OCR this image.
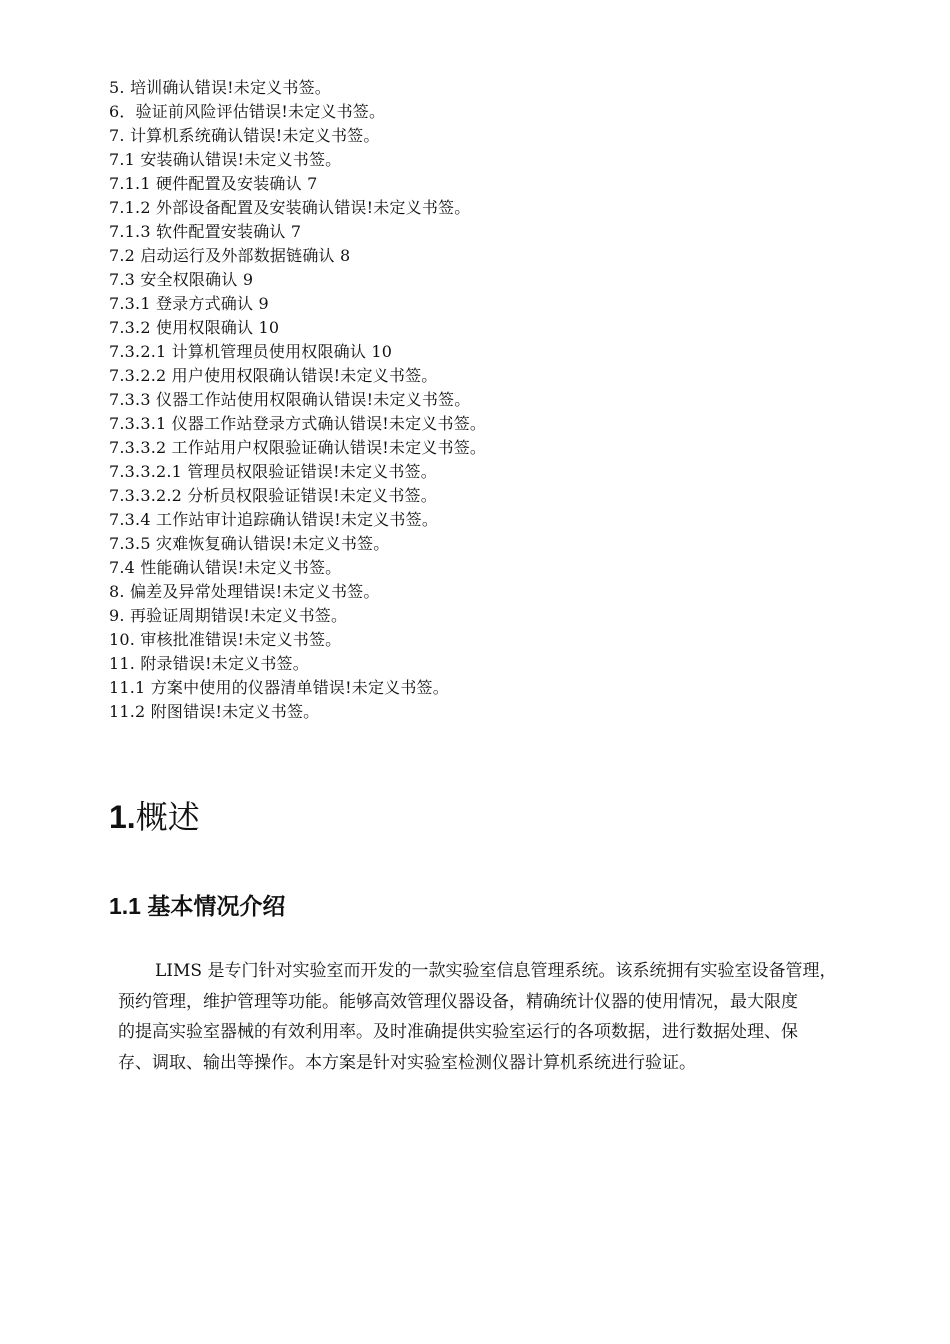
5. 培训确认错误!未定义书签。
6．验证前风险评估错误!未定义书签。
7. 计算机系统确认错误!未定义书签。
7.1 安装确认错误!未定义书签。
7.1.1 硬件配置及安装确认 7
7.1.2 外部设备配置及安装确认错误!未定义书签。
7.1.3 软件配置安装确认 7
7.2 启动运行及外部数据链确认 8
7.3 安全权限确认 9
7.3.1 登录方式确认 9
7.3.2 使用权限确认 10
7.3.2.1 计算机管理员使用权限确认 10
7.3.2.2 用户使用权限确认错误!未定义书签。
7.3.3 仪器工作站使用权限确认错误!未定义书签。
7.3.3.1 仪器工作站登录方式确认错误!未定义书签。
7.3.3.2 工作站用户权限验证确认错误!未定义书签。
7.3.3.2.1 管理员权限验证错误!未定义书签。
7.3.3.2.2 分析员权限验证错误!未定义书签。
7.3.4 工作站审计追踪确认错误!未定义书签。
7.3.5 灾难恢复确认错误!未定义书签。
7.4 性能确认错误!未定义书签。
8. 偏差及异常处理错误!未定义书签。
9. 再验证周期错误!未定义书签。
10. 审核批准错误!未定义书签。
11. 附录错误!未定义书签。
11.1 方案中使用的仪器清单错误!未定义书签。
11.2 附图错误!未定义书签。
1.概述
1.1 基本情况介绍
LIMS 是专门针对实验室而开发的一款实验室信息管理系统。该系统拥有实验室设备管理，
预约管理，维护管理等功能。能够高效管理仪器设备，精确统计仪器的使用情况，最大限度
的提高实验室器械的有效利用率。及时准确提供实验室运行的各项数据，进行数据处理、保
存、调取、输出等操作。本方案是针对实验室检测仪器计算机系统进行验证。
